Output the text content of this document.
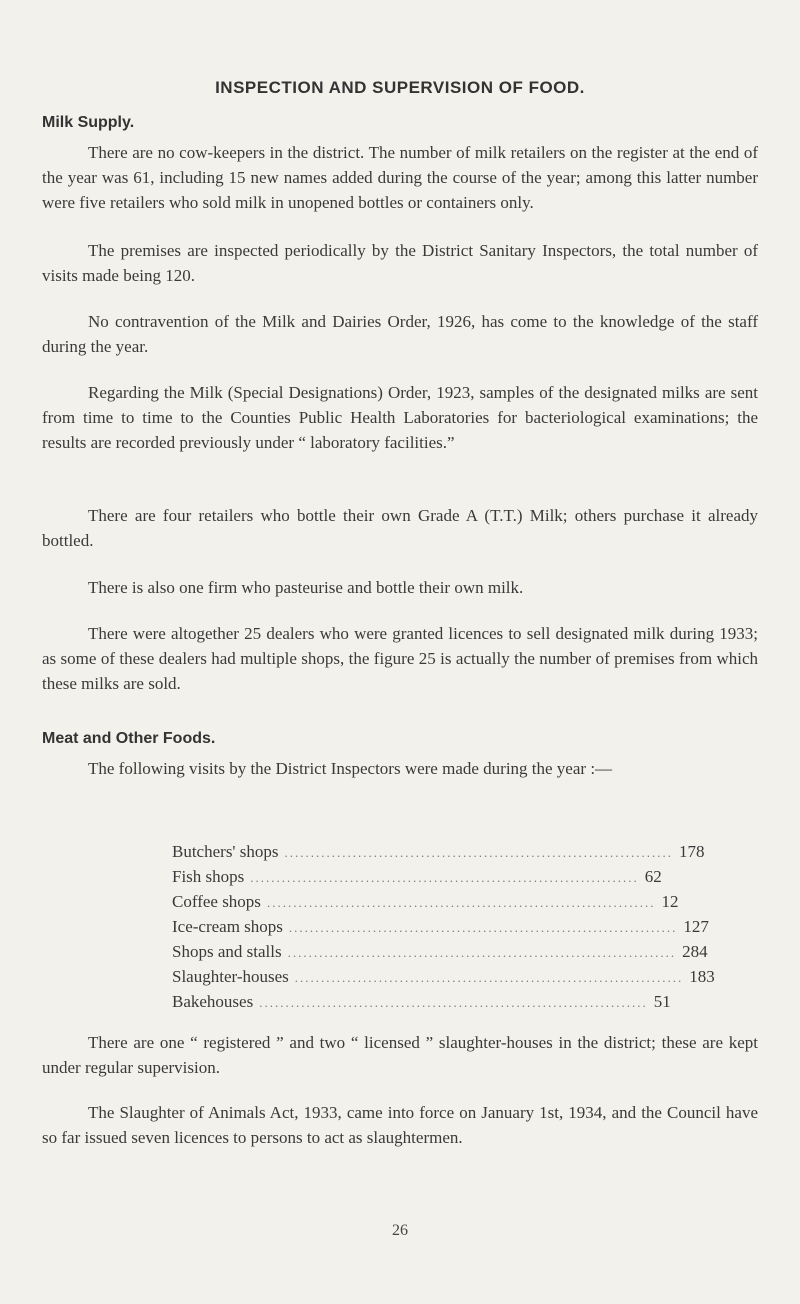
INSPECTION AND SUPERVISION OF FOOD.
Milk Supply.

There are no cow-keepers in the district. The number of milk retailers on the register at the end of the year was 61, including 15 new names added during the course of the year; among this latter number were five retailers who sold milk in unopened bottles or containers only.

The premises are inspected periodically by the District Sanitary Inspectors, the total number of visits made being 120.

No contravention of the Milk and Dairies Order, 1926, has come to the knowledge of the staff during the year.

Regarding the Milk (Special Designations) Order, 1923, samples of the designated milks are sent from time to time to the Counties Public Health Laboratories for bacteriological examinations; the results are recorded previously under “ laboratory facilities.”

There are four retailers who bottle their own Grade A (T.T.) Milk; others purchase it already bottled.

There is also one firm who pasteurise and bottle their own milk.

There were altogether 25 dealers who were granted licences to sell designated milk during 1933; as some of these dealers had multiple shops, the figure 25 is actually the number of premises from which these milks are sold.

Meat and Other Foods.

The following visits by the District Inspectors were made during the year :—

Butchers' shops .......................................................................... 178
Fish shops .......................................................................... 62
Coffee shops .......................................................................... 12
Ice-cream shops .......................................................................... 127
Shops and stalls .......................................................................... 284
Slaughter-houses .......................................................................... 183
Bakehouses .......................................................................... 51

There are one “ registered ” and two “ licensed ” slaughter-houses in the district; these are kept under regular supervision.

The Slaughter of Animals Act, 1933, came into force on January 1st, 1934, and the Council have so far issued seven licences to persons to act as slaughtermen.

26
